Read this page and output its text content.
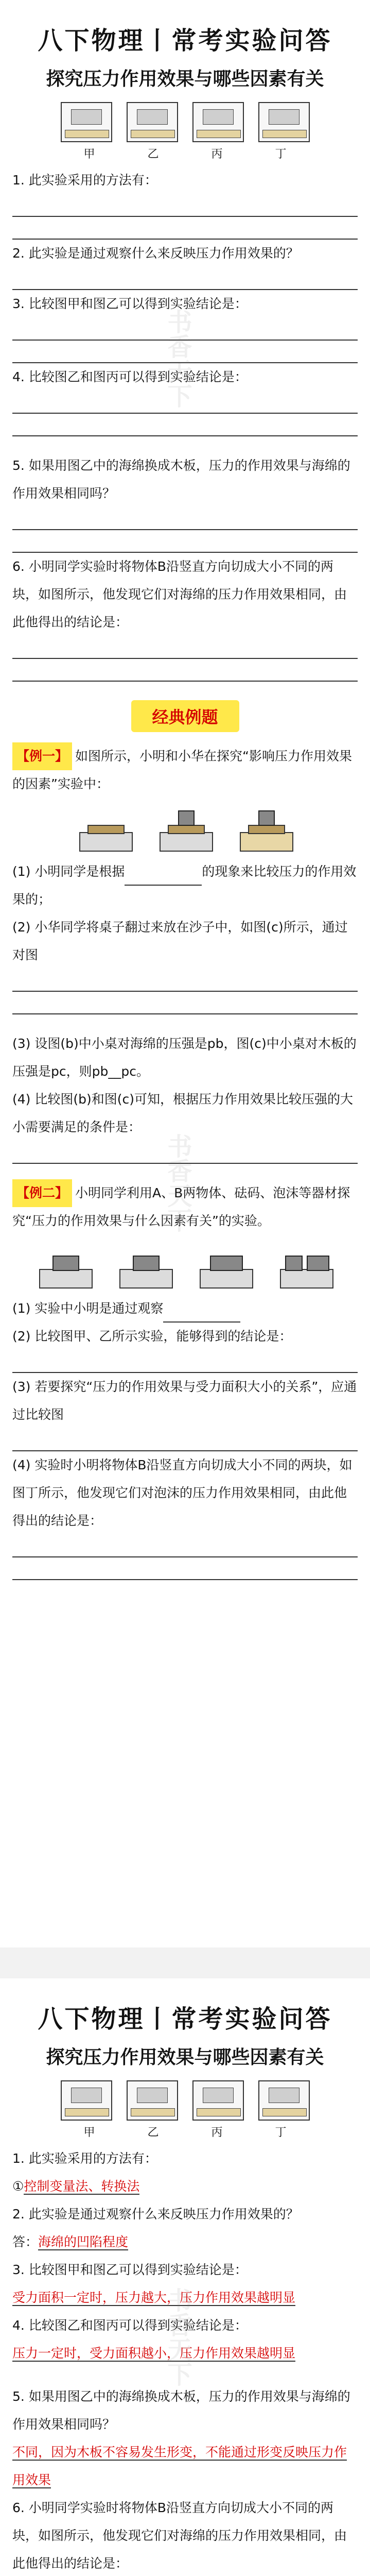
书香天下
书香天下
八下物理丨常考实验问答
探究压力作用效果与哪些因素有关
甲	乙	丙	丁
1. 此实验采用的方法有：
2. 此实验是通过观察什么来反映压力作用效果的？
3. 比较图甲和图乙可以得到实验结论是：
4. 比较图乙和图丙可以得到实验结论是：
5. 如果用图乙中的海绵换成木板，压力的作用效果与海绵的作用效果相同吗？
6. 小明同学实验时将物体B沿竖直方向切成大小不同的两块，如图所示，他发现它们对海绵的压力作用效果相同，由此他得出的结论是：
经典例题
【例一】 如图所示，小明和小华在探究“影响压力作用效果的因素”实验中：
(1) 小明同学是根据	的现象来比较压力的作用效果的；
(2) 小华同学将桌子翻过来放在沙子中，如图(c)所示，通过对图
(3) 设图(b)中小桌对海绵的压强是pb，图(c)中小桌对木板的压强是pc，则pb__pc。
(4) 比较图(b)和图(c)可知，根据压力作用效果比较压强的大小需要满足的条件是：
【例二】 小明同学利用A、B两物体、砝码、泡沫等器材探究“压力的作用效果与什么因素有关”的实验。
(1) 实验中小明是通过观察
(2) 比较图甲、乙所示实验，能够得到的结论是：
(3) 若要探究“压力的作用效果与受力面积大小的关系”，应通过比较图
(4) 实验时小明将物体B沿竖直方向切成大小不同的两块，如图丁所示，他发现它们对泡沫的压力作用效果相同，由此他得出的结论是：
书香天下
八下物理丨常考实验问答
探究压力作用效果与哪些因素有关
甲	乙	丙	丁
1. 此实验采用的方法有：
①控制变量法、转换法
2. 此实验是通过观察什么来反映压力作用效果的？
答：海绵的凹陷程度
3. 比较图甲和图乙可以得到实验结论是：
受力面积一定时，压力越大，压力作用效果越明显
4. 比较图乙和图丙可以得到实验结论是：
压力一定时，受力面积越小，压力作用效果越明显
5. 如果用图乙中的海绵换成木板，压力的作用效果与海绵的作用效果相同吗？
不同，因为木板不容易发生形变，不能通过形变反映压力作用效果
6. 小明同学实验时将物体B沿竖直方向切成大小不同的两块，如图所示，他发现它们对海绵的压力作用效果相同，由此他得出的结论是：
